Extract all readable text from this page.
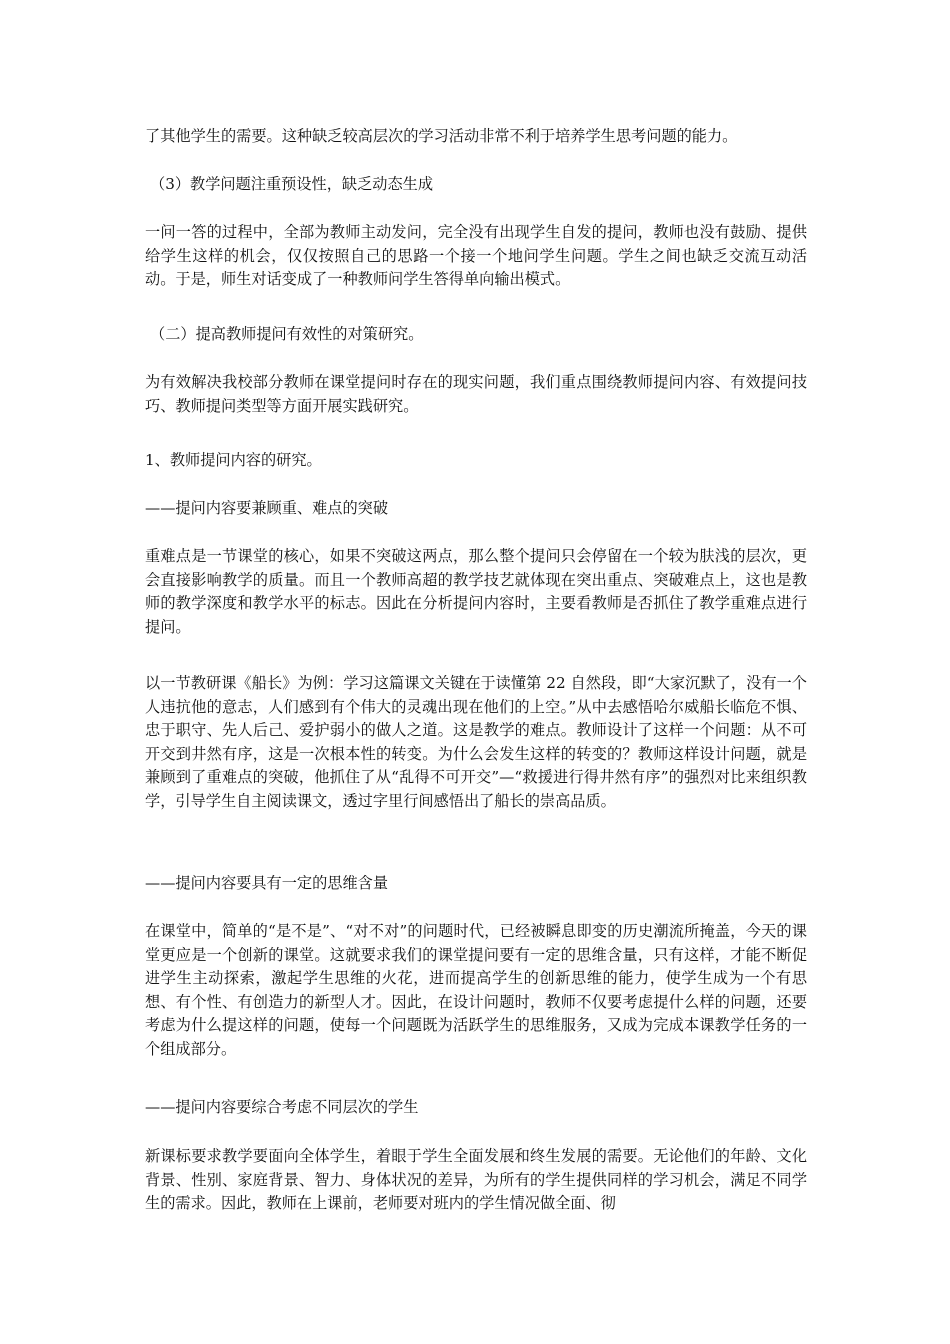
了其他学生的需要。这种缺乏较高层次的学习活动非常不利于培养学生思考问题的能力。

（3）教学问题注重预设性，缺乏动态生成

一问一答的过程中，全部为教师主动发问，完全没有出现学生自发的提问，教师也没有鼓励、提供给学生这样的机会，仅仅按照自己的思路一个接一个地问学生问题。学生之间也缺乏交流互动活动。于是，师生对话变成了一种教师问学生答得单向输出模式。

（二）提高教师提问有效性的对策研究。

为有效解决我校部分教师在课堂提问时存在的现实问题，我们重点围绕教师提问内容、有效提问技巧、教师提问类型等方面开展实践研究。

1、教师提问内容的研究。

——提问内容要兼顾重、难点的突破

重难点是一节课堂的核心，如果不突破这两点，那么整个提问只会停留在一个较为肤浅的层次，更会直接影响教学的质量。而且一个教师高超的教学技艺就体现在突出重点、突破难点上，这也是教师的教学深度和教学水平的标志。因此在分析提问内容时，主要看教师是否抓住了教学重难点进行提问。

以一节教研课《船长》为例：学习这篇课文关键在于读懂第 22 自然段，即“大家沉默了，没有一个人违抗他的意志，人们感到有个伟大的灵魂出现在他们的上空。”从中去感悟哈尔威船长临危不惧、忠于职守、先人后己、爱护弱小的做人之道。这是教学的难点。教师设计了这样一个问题：从不可开交到井然有序，这是一次根本性的转变。为什么会发生这样的转变的？教师这样设计问题，就是兼顾到了重难点的突破，他抓住了从“乱得不可开交”—“救援进行得井然有序”的强烈对比来组织教学，引导学生自主阅读课文，透过字里行间感悟出了船长的崇高品质。

——提问内容要具有一定的思维含量

在课堂中，简单的“是不是”、“对不对”的问题时代，已经被瞬息即变的历史潮流所掩盖，今天的课堂更应是一个创新的课堂。这就要求我们的课堂提问要有一定的思维含量，只有这样，才能不断促进学生主动探索，激起学生思维的火花，进而提高学生的创新思维的能力，使学生成为一个有思想、有个性、有创造力的新型人才。因此，在设计问题时，教师不仅要考虑提什么样的问题，还要考虑为什么提这样的问题，使每一个问题既为活跃学生的思维服务，又成为完成本课教学任务的一个组成部分。

——提问内容要综合考虑不同层次的学生

新课标要求教学要面向全体学生，着眼于学生全面发展和终生发展的需要。无论他们的年龄、文化背景、性别、家庭背景、智力、身体状况的差异，为所有的学生提供同样的学习机会，满足不同学生的需求。因此，教师在上课前，老师要对班内的学生情况做全面、彻
